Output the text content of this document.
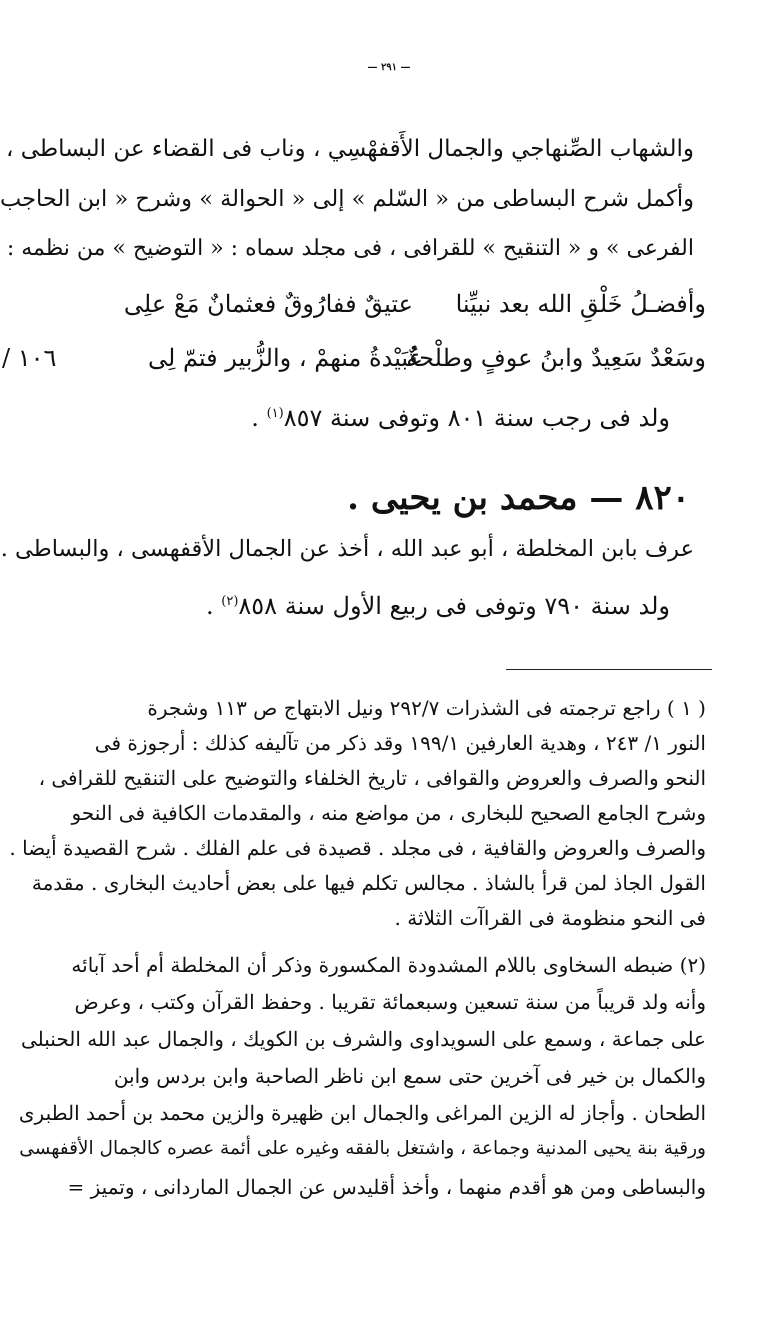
— ٢٩١ —
والشهاب الصِّنهاجي والجمال الأَقفهْسِي ، وناب فى القضاء عن البساطى ،
وأكمل شرح البساطى من « السّلم » إلى « الحوالة » وشرح « ابن الحاجب
الفرعى » و « التنقيح » للقرافى ، فى مجلد سماه : « التوضيح » من نظمه :
وأفضـلُ خَلْقِ الله بعد نبيِّنا
عتيقٌ ففارُوقٌ فعثمانٌ مَعْ علِى
وسَعْدٌ سَعِيدٌ وابنُ عوفٍ وطلْحةٌ
عُبَيْدةُ منهمْ ، والزُّبير فتمّ لِى
/ ١٠٦
ولد فى رجب سنة ٨٠١ وتوفى سنة ٨٥٧$^{(١)}$ .
٨٢٠ — محمد بن يحيى .
عرف بابن المخلطة ، أبو عبد الله ، أخذ عن الجمال الأقفهسى ، والبساطى .
ولد سنة ٧٩٠ وتوفى فى ربيع الأول سنة ٨٥٨$^{(٢)}$ .
( ١ ) راجع ترجمته فى الشذرات ٢٩٢/٧ ونيل الابتهاج ص ١١٣ وشجرة
النور ١/ ٢٤٣ ، وهدية العارفين ١٩٩/١ وقد ذكر من تآليفه كذلك : أرجوزة فى
النحو والصرف والعروض والقوافى ، تاريخ الخلفاء والتوضيح على التنقيح للقرافى ،
وشرح الجامع الصحيح للبخارى ، من مواضع منه ، والمقدمات الكافية فى النحو
والصرف والعروض والقافية ، فى مجلد . قصيدة فى علم الفلك . شرح القصيدة أيضا .
القول الجاذ لمن قرأ بالشاذ . مجالس تكلم فيها على بعض أحاديث البخارى . مقدمة
فى النحو منظومة فى القراآت الثلاثة .
(٢) ضبطه السخاوى باللام المشدودة المكسورة وذكر أن المخلطة أم أحد آبائه
وأنه ولد قريباً من سنة تسعين وسبعمائة تقريبا . وحفظ القرآن وكتب ، وعرض
على جماعة ، وسمع على السويداوى والشرف بن الكويك ، والجمال عبد الله الحنبلى
والكمال بن خير فى آخرين حتى سمع ابن ناظر الصاحبة وابن بردس وابن
الطحان . وأجاز له الزين المراغى والجمال ابن ظهيرة والزين محمد بن أحمد الطبرى
ورقية بنة يحيى المدنية وجماعة ، واشتغل بالفقه وغيره على أئمة عصره كالجمال الأقفهسى
والبساطى ومن هو أقدم منهما ، وأخذ أقليدس عن الجمال الماردانى ، وتميز =
